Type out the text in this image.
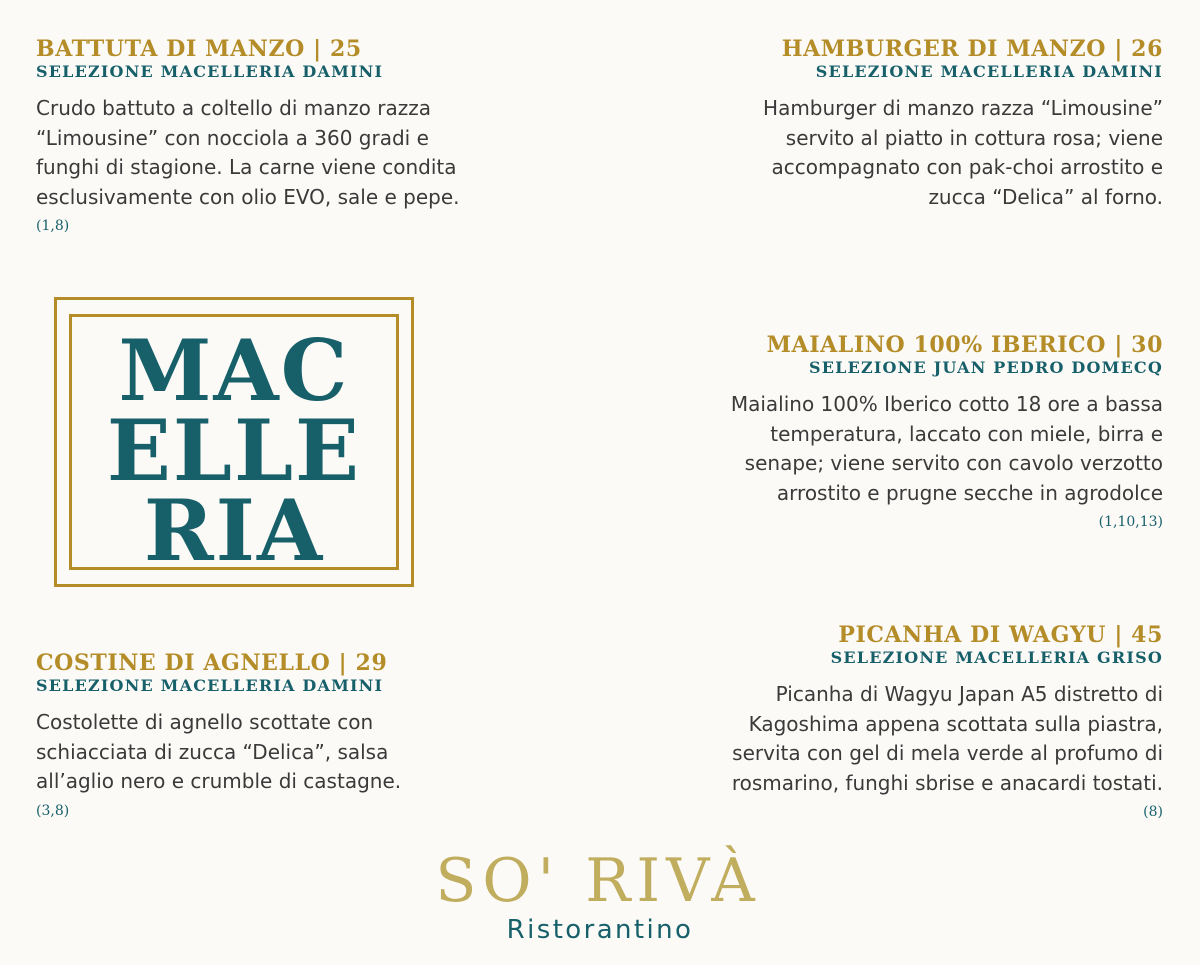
BATTUTA DI MANZO | 25
SELEZIONE MACELLERIA DAMINI
Crudo battuto a coltello di manzo razza
“Limousine” con nocciola a 360 gradi e
funghi di stagione. La carne viene condita
esclusivamente con olio EVO, sale e pepe.
(1,8)
HAMBURGER DI MANZO | 26
SELEZIONE MACELLERIA DAMINI
Hamburger di manzo razza “Limousine”
servito al piatto in cottura rosa; viene
accompagnato con pak-choi arrostito e
zucca “Delica” al forno.
MAC
ELLE
RIA
MAIALINO 100% IBERICO | 30
SELEZIONE JUAN PEDRO DOMECQ
Maialino 100% Iberico cotto 18 ore a bassa
temperatura, laccato con miele, birra e
senape; viene servito con cavolo verzotto
arrostito e prugne secche in agrodolce
(1,10,13)
COSTINE DI AGNELLO | 29
SELEZIONE MACELLERIA DAMINI
Costolette di agnello scottate con
schiacciata di zucca “Delica”, salsa
all’aglio nero e crumble di castagne.
(3,8)
PICANHA DI WAGYU | 45
SELEZIONE MACELLERIA GRISO
Picanha di Wagyu Japan A5 distretto di
Kagoshima appena scottata sulla piastra,
servita con gel di mela verde al profumo di
rosmarino, funghi sbrise e anacardi tostati.
(8)
SO' RIVÀ
Ristorantino
